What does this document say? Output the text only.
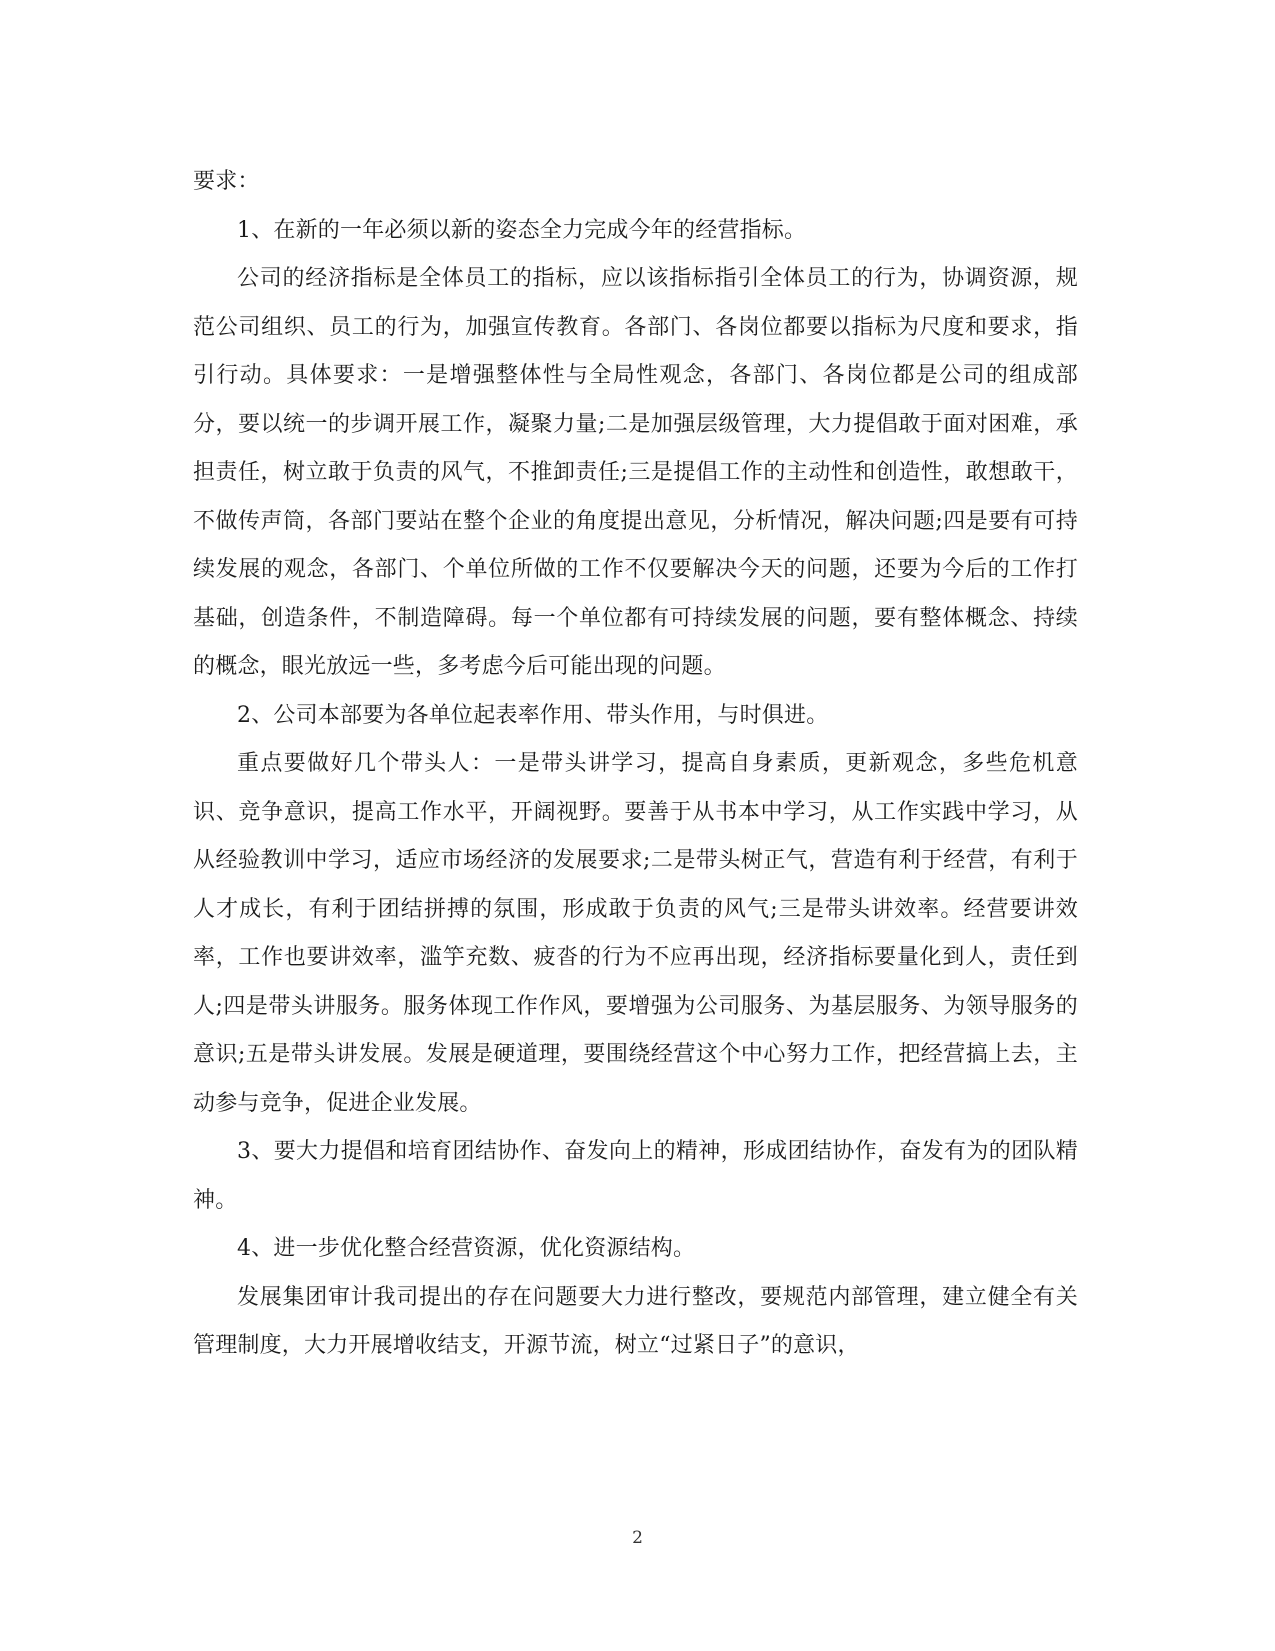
要求：

1、在新的一年必须以新的姿态全力完成今年的经营指标。

公司的经济指标是全体员工的指标，应以该指标指引全体员工的行为，协调资源，规范公司组织、员工的行为，加强宣传教育。各部门、各岗位都要以指标为尺度和要求，指引行动。具体要求：一是增强整体性与全局性观念，各部门、各岗位都是公司的组成部分，要以统一的步调开展工作，凝聚力量;二是加强层级管理，大力提倡敢于面对困难，承担责任，树立敢于负责的风气，不推卸责任;三是提倡工作的主动性和创造性，敢想敢干，不做传声筒，各部门要站在整个企业的角度提出意见，分析情况，解决问题;四是要有可持续发展的观念，各部门、个单位所做的工作不仅要解决今天的问题，还要为今后的工作打基础，创造条件，不制造障碍。每一个单位都有可持续发展的问题，要有整体概念、持续的概念，眼光放远一些，多考虑今后可能出现的问题。

2、公司本部要为各单位起表率作用、带头作用，与时俱进。

重点要做好几个带头人：一是带头讲学习，提高自身素质，更新观念，多些危机意识、竞争意识，提高工作水平，开阔视野。要善于从书本中学习，从工作实践中学习，从从经验教训中学习，适应市场经济的发展要求;二是带头树正气，营造有利于经营，有利于人才成长，有利于团结拼搏的氛围，形成敢于负责的风气;三是带头讲效率。经营要讲效率，工作也要讲效率，滥竽充数、疲沓的行为不应再出现，经济指标要量化到人，责任到人;四是带头讲服务。服务体现工作作风，要增强为公司服务、为基层服务、为领导服务的意识;五是带头讲发展。发展是硬道理，要围绕经营这个中心努力工作，把经营搞上去，主动参与竞争，促进企业发展。

3、要大力提倡和培育团结协作、奋发向上的精神，形成团结协作，奋发有为的团队精神。

4、进一步优化整合经营资源，优化资源结构。

发展集团审计我司提出的存在问题要大力进行整改，要规范内部管理，建立健全有关管理制度，大力开展增收结支，开源节流，树立“过紧日子”的意识，

2
